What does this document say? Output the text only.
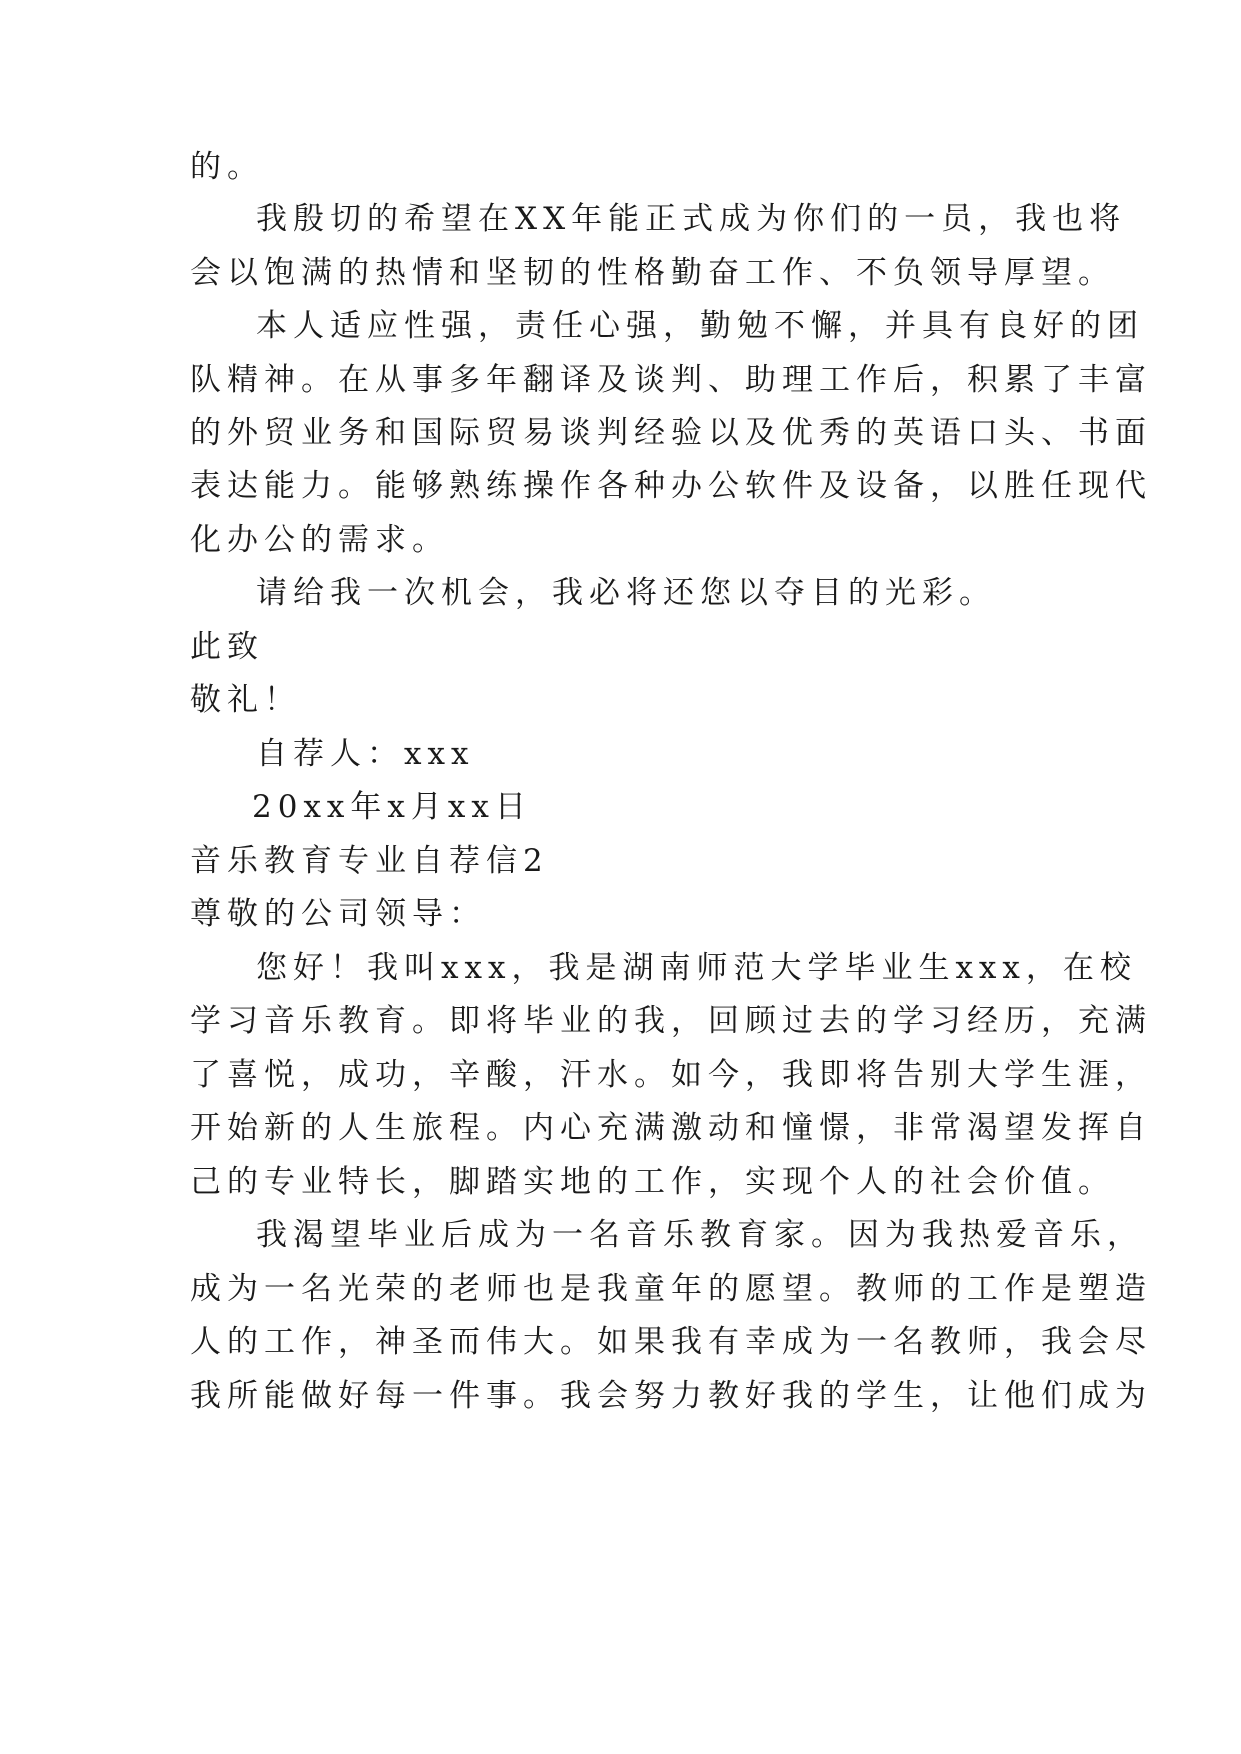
的。
我殷切的希望在XX年能正式成为你们的一员，我也将
会以饱满的热情和坚韧的性格勤奋工作、不负领导厚望。
本人适应性强，责任心强，勤勉不懈，并具有良好的团
队精神。在从事多年翻译及谈判、助理工作后，积累了丰富
的外贸业务和国际贸易谈判经验以及优秀的英语口头、书面
表达能力。能够熟练操作各种办公软件及设备，以胜任现代
化办公的需求。
请给我一次机会，我必将还您以夺目的光彩。
此致
敬礼！
自荐人：xxx
20xx年x月xx日
音乐教育专业自荐信2
尊敬的公司领导：
您好！我叫xxx，我是湖南师范大学毕业生xxx，在校
学习音乐教育。即将毕业的我，回顾过去的学习经历，充满
了喜悦，成功，辛酸，汗水。如今，我即将告别大学生涯，
开始新的人生旅程。内心充满激动和憧憬，非常渴望发挥自
己的专业特长，脚踏实地的工作，实现个人的社会价值。
我渴望毕业后成为一名音乐教育家。因为我热爱音乐，
成为一名光荣的老师也是我童年的愿望。教师的工作是塑造
人的工作，神圣而伟大。如果我有幸成为一名教师，我会尽
我所能做好每一件事。我会努力教好我的学生，让他们成为
